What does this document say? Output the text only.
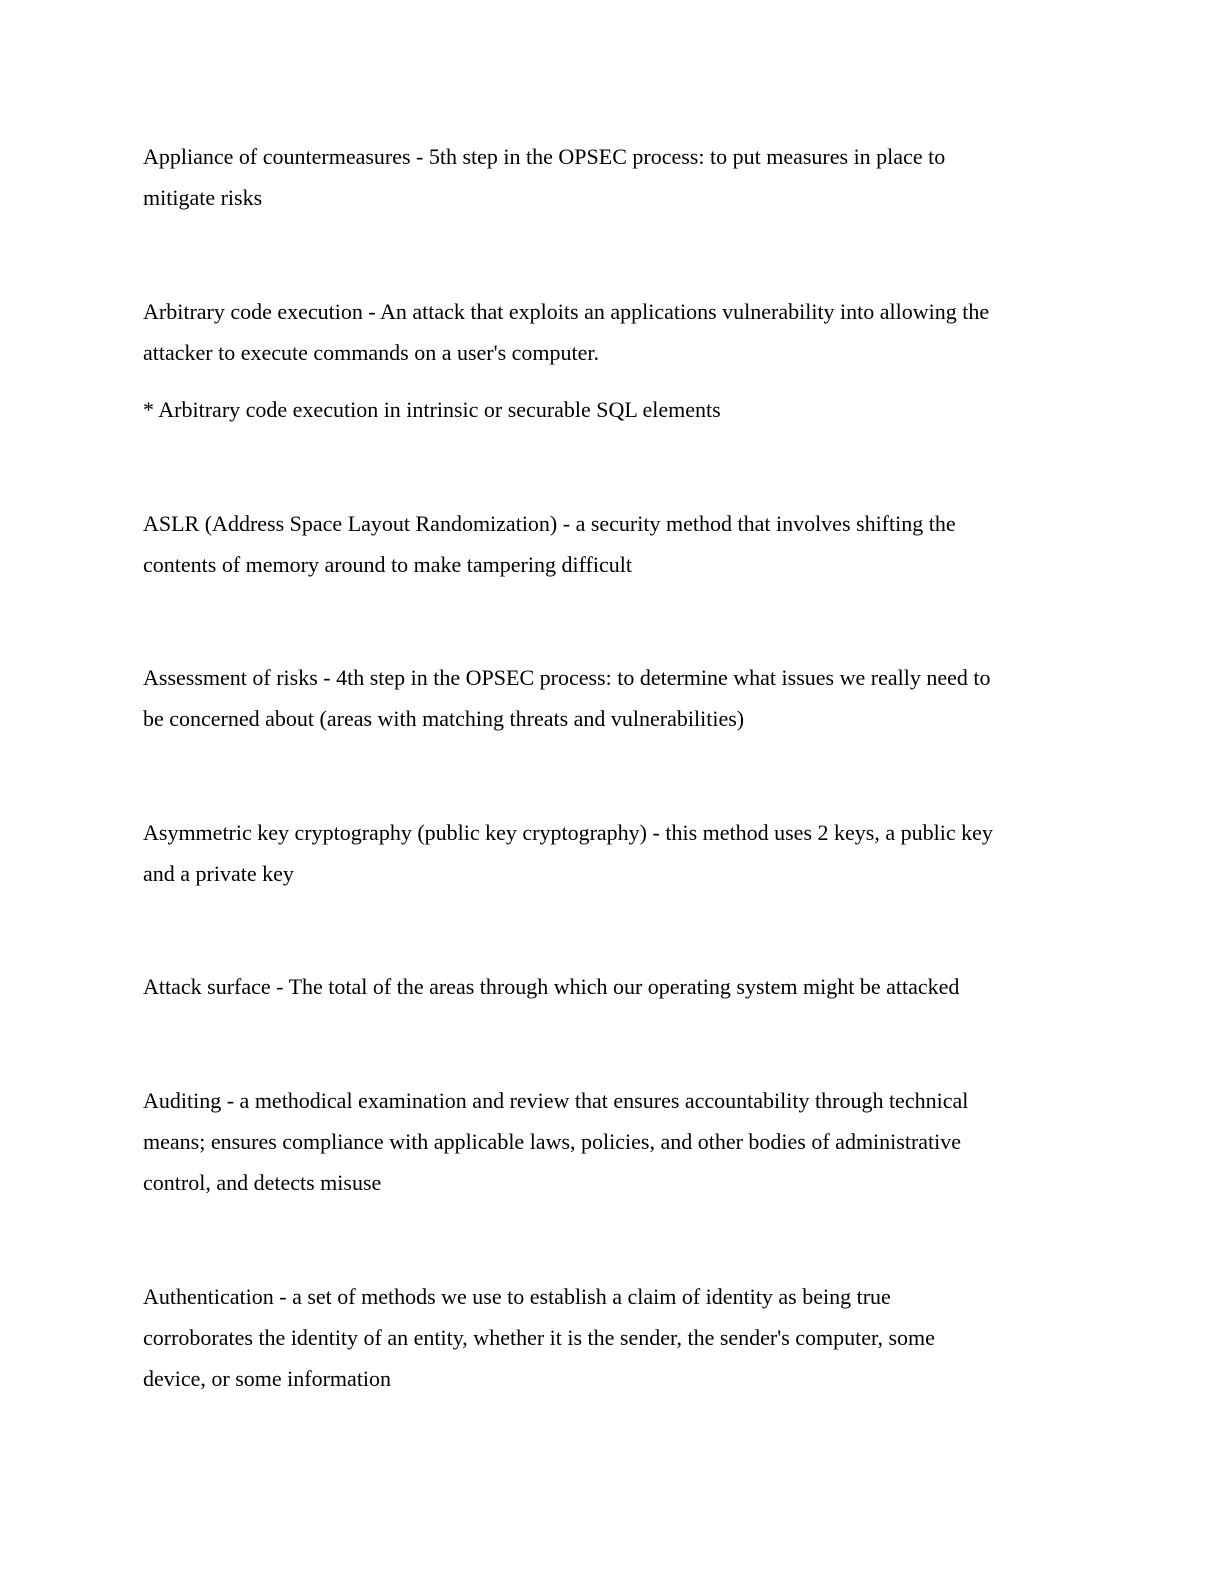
Appliance of countermeasures - 5th step in the OPSEC process: to put measures in place to
mitigate risks

Arbitrary code execution - An attack that exploits an applications vulnerability into allowing the
attacker to execute commands on a user's computer.

* Arbitrary code execution in intrinsic or securable SQL elements

ASLR (Address Space Layout Randomization) - a security method that involves shifting the
contents of memory around to make tampering difficult

Assessment of risks - 4th step in the OPSEC process: to determine what issues we really need to
be concerned about (areas with matching threats and vulnerabilities)

Asymmetric key cryptography (public key cryptography) - this method uses 2 keys, a public key
and a private key

Attack surface - The total of the areas through which our operating system might be attacked

Auditing - a methodical examination and review that ensures accountability through technical
means; ensures compliance with applicable laws, policies, and other bodies of administrative
control, and detects misuse

Authentication - a set of methods we use to establish a claim of identity as being true
corroborates the identity of an entity, whether it is the sender, the sender's computer, some
device, or some information
